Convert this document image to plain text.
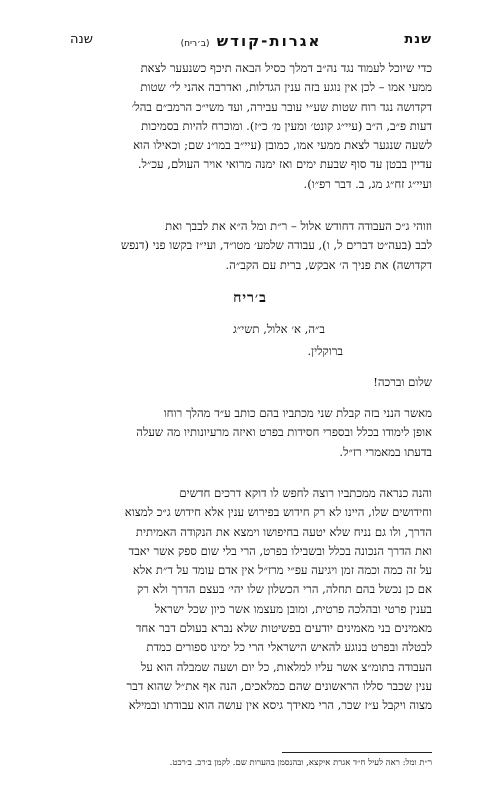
שנת
אגרות-קודש (ב׳ריח)
שנה
כדי שיוכל לעמוד נגד נה״ב דמלך כסיל הבאה תיכף כשנעער לצאת
ממעי אמו – לכן אין נוגע בזה ענין הגדלות, ואדרבה אהני לי׳ שטות
דקדושה נגד רוח שטות שע״י עובר עבירה, ועד משי״כ הרמב״ם בהל׳
דעות פ״ב, ה״ב (עיי״ג קונט׳ ומעין מ׳ כ״ז). ומוכרח להיות בסמיכות
לשעה שנגער לצאת ממעי אמו, כמובן (עיי״ב במו״נ שם; וכאילו הוא
עדיין בבטן עד סוף שבעת ימים ואז ימנה מרואי אויר העולם, עכ״ל.
ועיי״ג זח״ג מג, ב. דבר רפ״ו).
וזוהי ג״כ העבודה דחודש אלול – ר״ת ומל ה״א את לבבך ואת
לבב (בעה״ט דברים ל, ו), עבודה שלמע׳ מטו״ד, ועי״ז בקשו פני (דנפש
דקדושה) את פניך ה׳ אבקש, ברית עם הקב״ה.
ב׳ריח
ב״ה, א׳ אלול, תשי״ג
ברוקלין.
שלום וברכה!
מאשר הנני בזה קבלת שני מכתביו בהם כותב ע״ד מהלך רוחו
אופן לימודו בכלל ובספרי חסידות בפרט ואיזה מרעיונותיו מה שעלה
בדעתו במאמרי רז״ל.
והנה כנראה ממכתביו רוצה לחפש לו דוקא דרכים חדשים
וחידושים שלו, היינו לא רק חידוש בפירוש ענין אלא חידוש ג״כ למצוא
הדרך, ולו גם נניח שלא יטעה בחיפושו וימצא את הנקודה האמיתית
ואת הדרך הנכונה בכלל ובשבילו בפרט, הרי בלי שום ספק אשר יאבד
על זה כמה וכמה זמן ויגיעה עפ״י מרז״ל אין אדם עומד על ד״ת אלא
אם כן נכשל בהם תחלה, הרי הכשלון שלו יהי׳ בעצם הדרך ולא רק
בענין פרטי ובהלכה פרטית, ומובן מעצמו אשר כיון שכל ישראל
מאמינים בני מאמינים יודעים בפשיטות שלא נברא בעולם דבר אחד
לבטלה ובפרט בנוגע להאיש הישראלי הרי כל ימינו ספורים כמדת
העבודה בתומ״צ אשר עליו למלאות, כל יום ושעה שמבלה הוא על
ענין שכבר סללו הראשונים שהם כמלאכים, הנה אף את״ל שהוא דבר
מצוה ויקבל ע״ז שכר, הרי מאידך גיסא אין עושה הוא עבודתו ובמילא
ר״ת ומל: ראה לעיל ח״ד אגרת איקצא, ובהנסמן בהערות שם. לקמן ב׳רכ. ב׳רכט.
